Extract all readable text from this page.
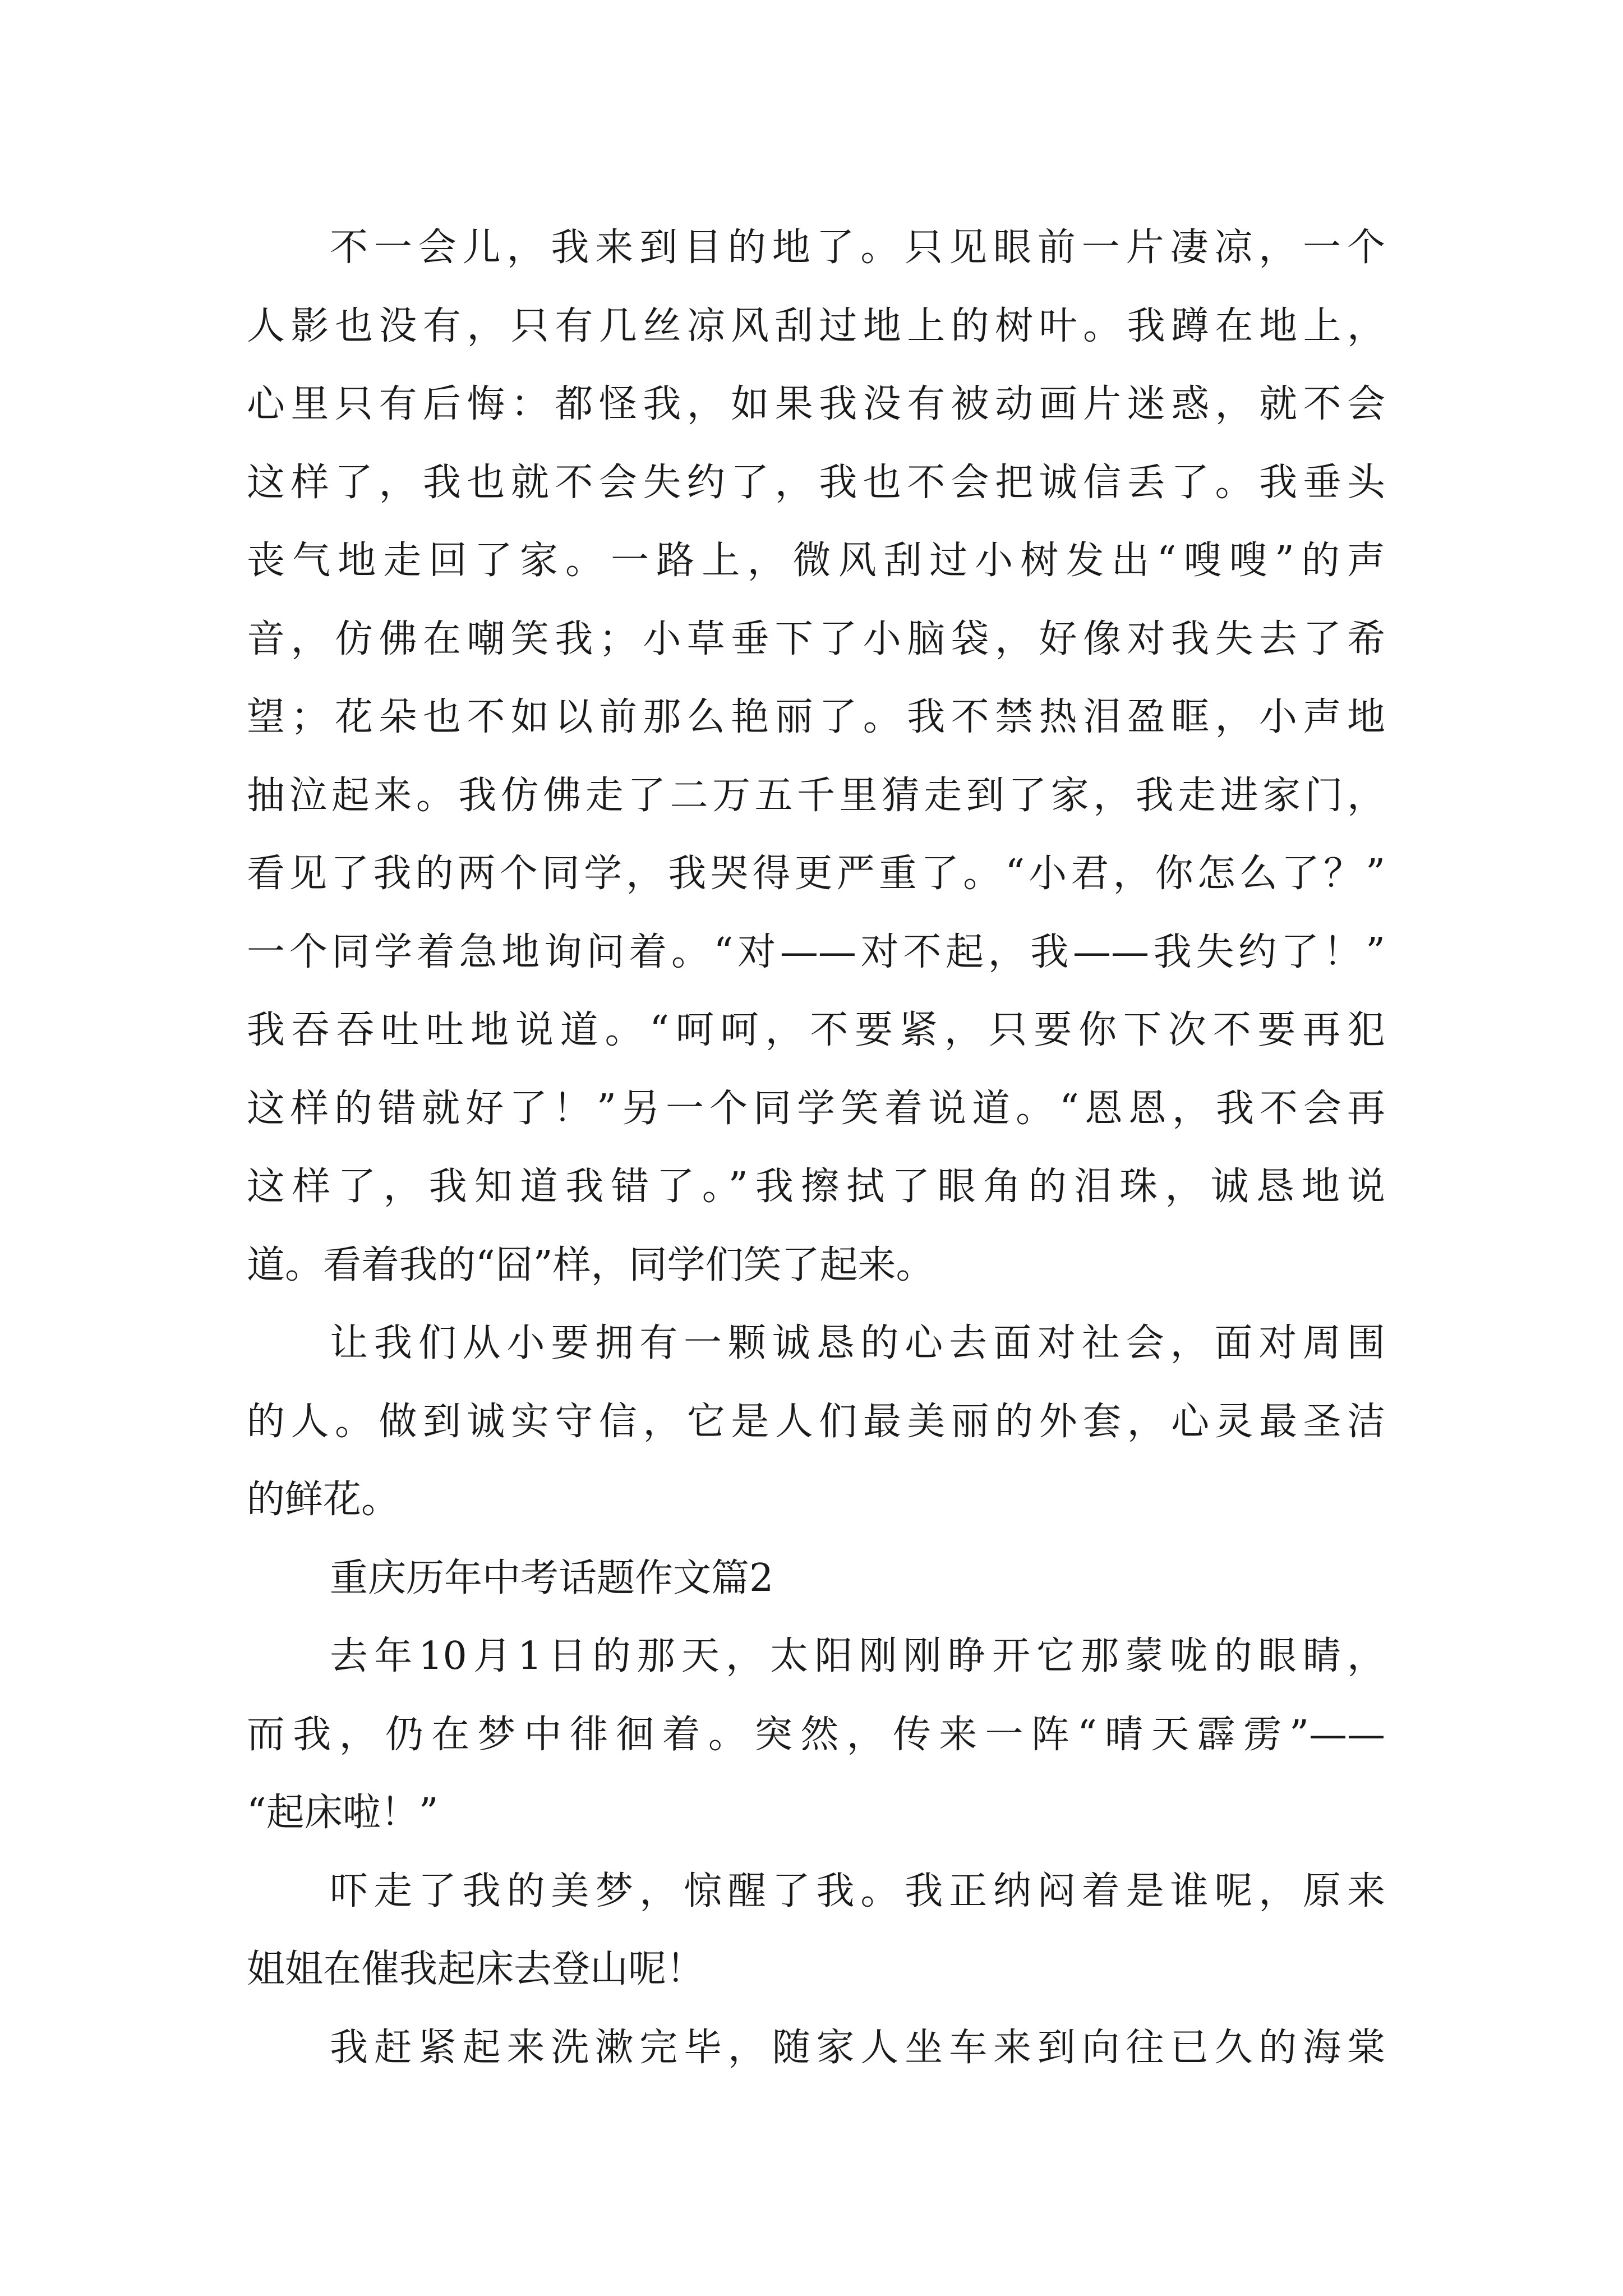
不一会儿，我来到目的地了。只见眼前一片凄凉，一个
人影也没有，只有几丝凉风刮过地上的树叶。我蹲在地上，
心里只有后悔：都怪我，如果我没有被动画片迷惑，就不会
这样了，我也就不会失约了，我也不会把诚信丢了。我垂头
丧气地走回了家。一路上，微风刮过小树发出“嗖嗖”的声
音，仿佛在嘲笑我；小草垂下了小脑袋，好像对我失去了希
望；花朵也不如以前那么艳丽了。我不禁热泪盈眶，小声地
抽泣起来。我仿佛走了二万五千里猜走到了家，我走进家门，
看见了我的两个同学，我哭得更严重了。“小君，你怎么了？”
一个同学着急地询问着。“对——对不起，我——我失约了！”
我吞吞吐吐地说道。“呵呵，不要紧，只要你下次不要再犯
这样的错就好了！”另一个同学笑着说道。“恩恩，我不会再
这样了，我知道我错了。”我擦拭了眼角的泪珠，诚恳地说
道。看着我的“囧”样，同学们笑了起来。
让我们从小要拥有一颗诚恳的心去面对社会，面对周围
的人。做到诚实守信，它是人们最美丽的外套，心灵最圣洁
的鲜花。
重庆历年中考话题作文篇2
去年10月1日的那天，太阳刚刚睁开它那蒙咙的眼睛，
而我，仍在梦中徘徊着。突然，传来一阵“晴天霹雳”——
“起床啦！”
吓走了我的美梦，惊醒了我。我正纳闷着是谁呢，原来
姐姐在催我起床去登山呢！
我赶紧起来洗漱完毕，随家人坐车来到向往已久的海棠
